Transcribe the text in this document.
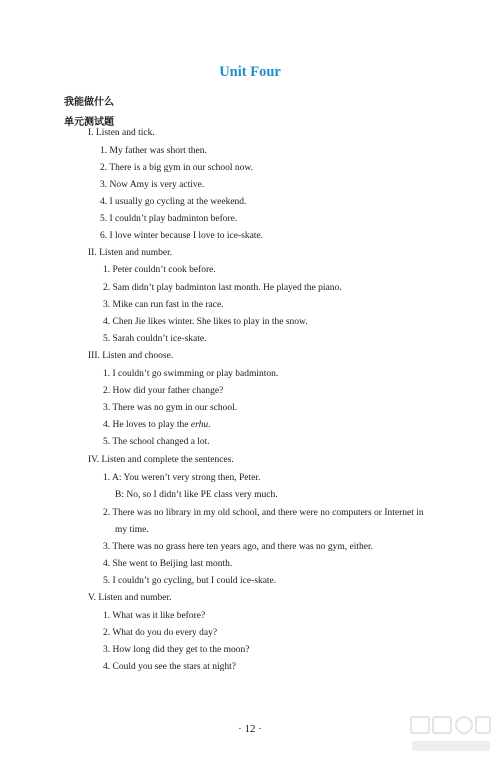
Unit Four
我能做什么
单元测试题
I. Listen and tick.
1. My father was short then.
2. There is a big gym in our school now.
3. Now Amy is very active.
4. I usually go cycling at the weekend.
5. I couldn’t play badminton before.
6. I love winter because I love to ice-skate.
II. Listen and number.
1. Peter couldn’t cook before.
2. Sam didn’t play badminton last month. He played the piano.
3. Mike can run fast in the race.
4. Chen Jie likes winter. She likes to play in the snow.
5. Sarah couldn’t ice-skate.
III. Listen and choose.
1. I couldn’t go swimming or play badminton.
2. How did your father change?
3. There was no gym in our school.
4. He loves to play the erhu.
5. The school changed a lot.
IV. Listen and complete the sentences.
1. A: You weren’t very strong then, Peter.
B: No, so I didn’t like PE class very much.
2. There was no library in my old school, and there were no computers or Internet in
my time.
3. There was no grass here ten years ago, and there was no gym, either.
4. She went to Beijing last month.
5. I couldn’t go cycling, but I could ice-skate.
V. Listen and number.
1. What was it like before?
2. What do you do every day?
3. How long did they get to the moon?
4. Could you see the stars at night?
· 12 ·
